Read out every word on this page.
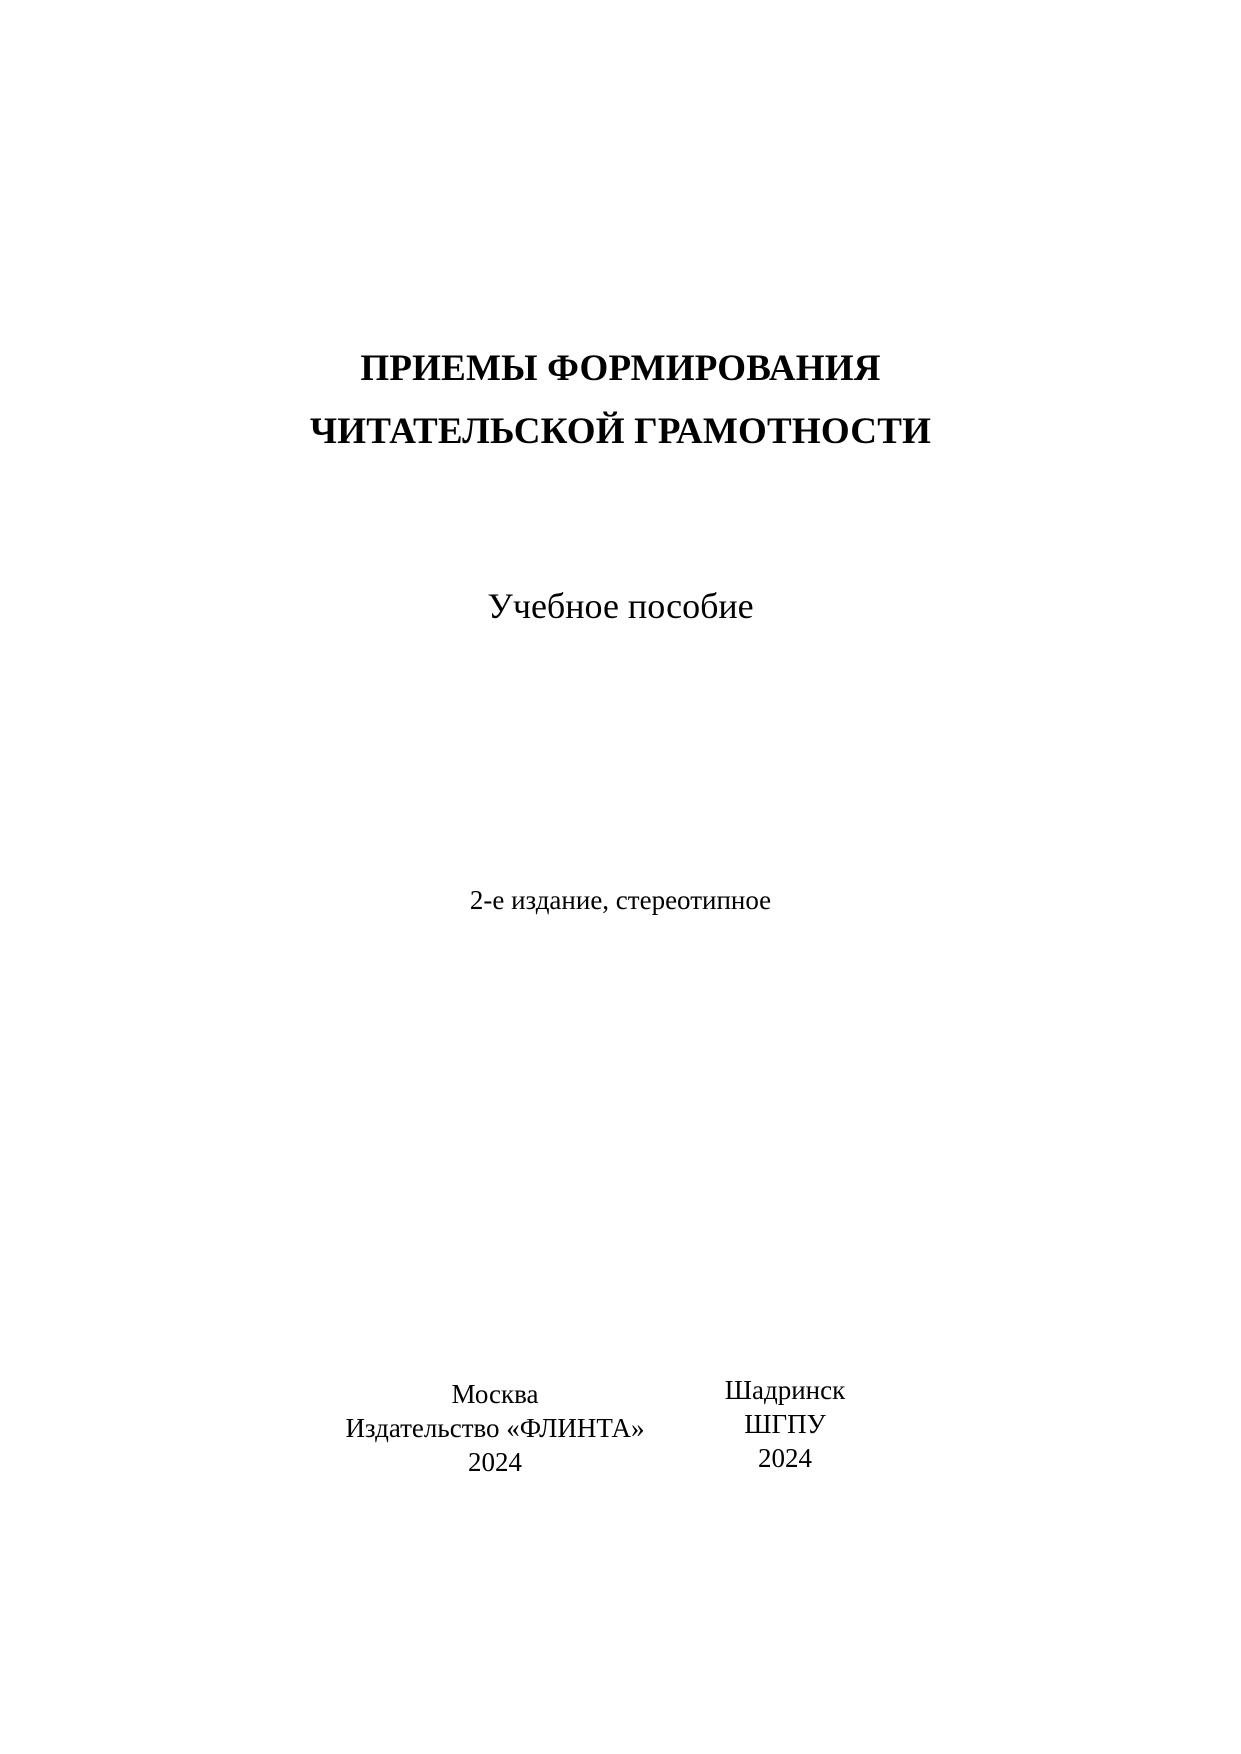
ПРИЕМЫ ФОРМИРОВАНИЯ
ЧИТАТЕЛЬСКОЙ ГРАМОТНОСТИ
Учебное пособие
2-е издание, стереотипное
Москва
Издательство «ФЛИНТА»
2024
Шадринск
ШГПУ
2024
